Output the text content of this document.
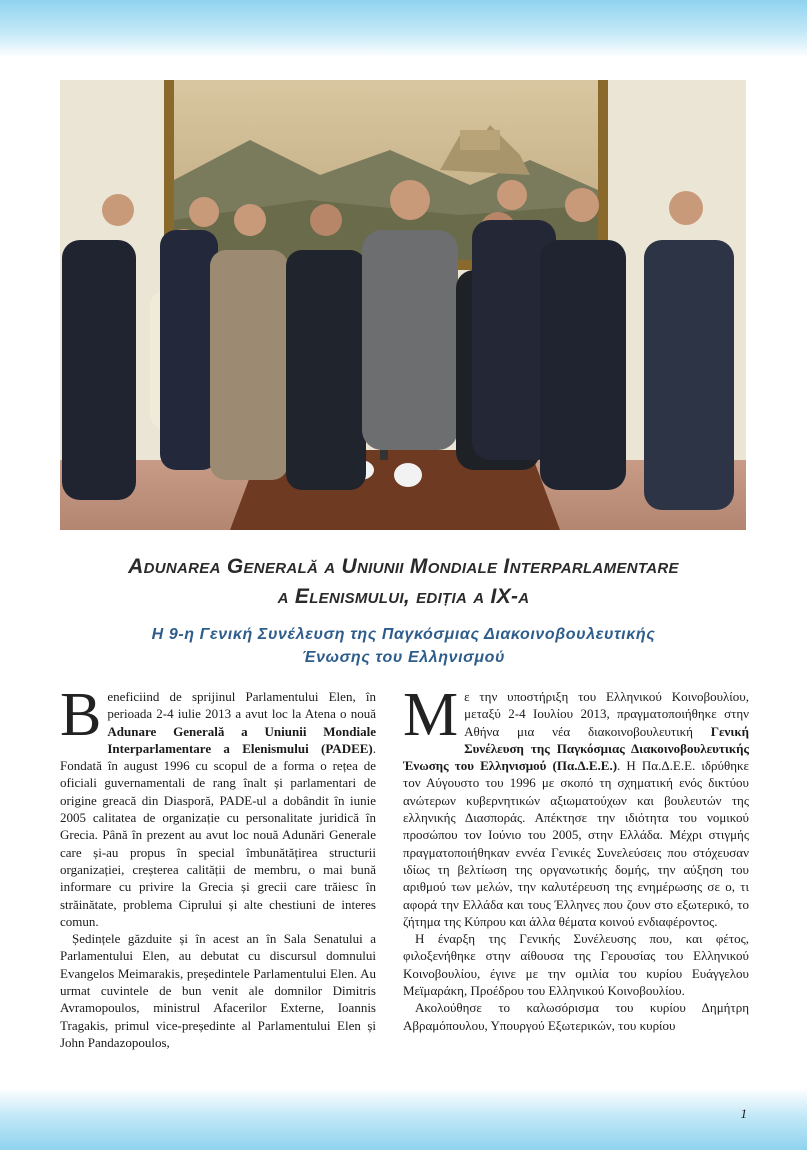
Adunarea Generală a Uniunii Mondiale Interparlamentare
a Elenismului, ediția a IX-a
Η 9-η Γενική Συνέλευση της Παγκόσμιας Διακοινοβουλευτικής
Ένωσης του Ελληνισμού

Beneficiind de sprijinul Parlamentului Elen, în perioada 2-4 iulie 2013 a avut loc la Atena o nouă Adunare Generală a Uniunii Mondiale Interparlamentare a Elenismului (PADEE). Fondată în august 1996 cu scopul de a forma o rețea de oficiali guvernamentali de rang înalt și parlamentari de origine greacă din Diasporă, PADE-ul a dobândit în iunie 2005 calitatea de organizație cu personalitate juridică în Grecia. Până în prezent au avut loc nouă Adunări Generale care și-au propus în special îmbunătățirea structurii organizației, creșterea calității de membru, o mai bună informare cu privire la Grecia și grecii care trăiesc în străinătate, problema Ciprului și alte chestiuni de interes comun.

Ședințele găzduite și în acest an în Sala Senatului a Parlamentului Elen, au debutat cu discursul domnului Evangelos Meimarakis, președintele Parlamentului Elen. Au urmat cuvintele de bun venit ale domnilor Dimitris Avramopoulos, ministrul Afacerilor Externe, Ioannis Tragakis, primul vice-președinte al Parlamentului Elen și John Pandazopoulos,

Mε την υποστήριξη του Ελληνικού Κοινοβουλίου, μεταξύ 2-4 Ιουλίου 2013, πραγματοποιήθηκε στην Αθήνα μια νέα διακοινοβουλευτική Γενική Συνέλευση της Παγκόσμιας Διακοινοβουλευτικής Ένωσης του Ελληνισμού (Πα.Δ.Ε.Ε.). Η Πα.Δ.Ε.Ε. ιδρύθηκε τον Αύγουστο του 1996 με σκοπό τη σχηματική ενός δικτύου ανώτερων κυβερνητικών αξιωματούχων και βουλευτών της ελληνικής Διασποράς. Απέκτησε την ιδιότητα του νομικού προσώπου τον Ιούνιο του 2005, στην Ελλάδα. Μέχρι στιγμής πραγματοποιήθηκαν εννέα Γενικές Συνελεύσεις που στόχευσαν ιδίως τη βελτίωση της οργανωτικής δομής, την αύξηση του αριθμού των μελών, την καλυτέρευση της ενημέρωσης σε ο, τι αφορά την Ελλάδα και τους Έλληνες που ζουν στο εξωτερικό, το ζήτημα της Κύπρου και άλλα θέματα κοινού ενδιαφέροντος.

Η έναρξη της Γενικής Συνέλευσης που, και φέτος, φιλοξενήθηκε στην αίθουσα της Γερουσίας του Ελληνικού Κοινοβουλίου, έγινε με την ομιλία του κυρίου Ευάγγελου Μεϊμαράκη, Προέδρου του Ελληνικού Κοινοβουλίου.

Ακολούθησε το καλωσόρισμα του κυρίου Δημήτρη Αβραμόπουλου, Υπουργού Εξωτερικών, του κυρίου

1
